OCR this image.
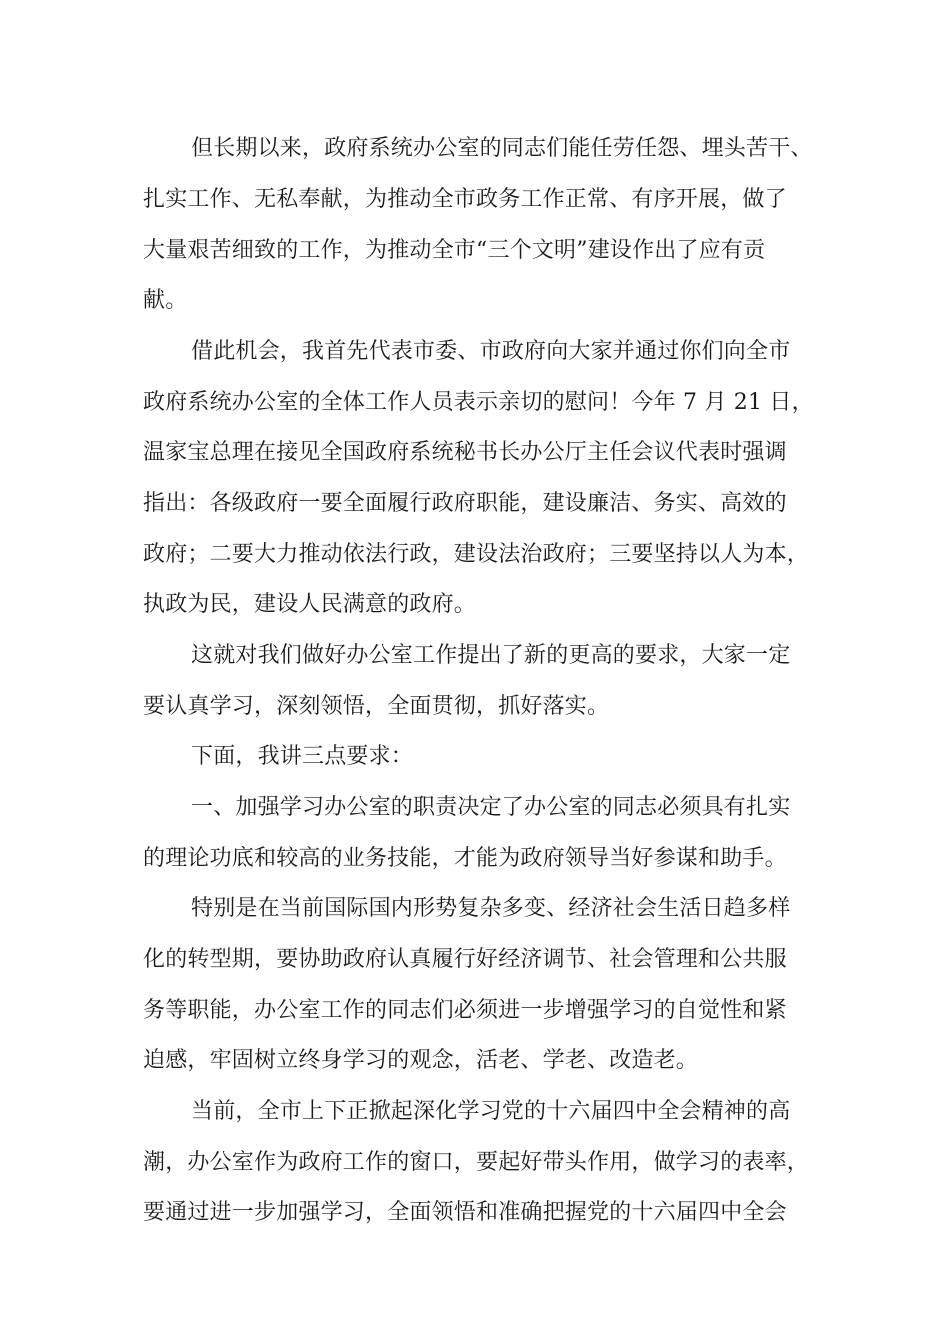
但长期以来，政府系统办公室的同志们能任劳任怨、埋头苦干、
扎实工作、无私奉献，为推动全市政务工作正常、有序开展，做了
大量艰苦细致的工作，为推动全市“三个文明”建设作出了应有贡
献。
借此机会，我首先代表市委、市政府向大家并通过你们向全市
政府系统办公室的全体工作人员表示亲切的慰问！今年 7 月 21 日，
温家宝总理在接见全国政府系统秘书长办公厅主任会议代表时强调
指出：各级政府一要全面履行政府职能，建设廉洁、务实、高效的
政府；二要大力推动依法行政，建设法治政府；三要坚持以人为本，
执政为民，建设人民满意的政府。
这就对我们做好办公室工作提出了新的更高的要求，大家一定
要认真学习，深刻领悟，全面贯彻，抓好落实。
下面，我讲三点要求：
一、加强学习办公室的职责决定了办公室的同志必须具有扎实
的理论功底和较高的业务技能，才能为政府领导当好参谋和助手。
特别是在当前国际国内形势复杂多变、经济社会生活日趋多样
化的转型期，要协助政府认真履行好经济调节、社会管理和公共服
务等职能，办公室工作的同志们必须进一步增强学习的自觉性和紧
迫感，牢固树立终身学习的观念，活老、学老、改造老。
当前，全市上下正掀起深化学习党的十六届四中全会精神的高
潮，办公室作为政府工作的窗口，要起好带头作用，做学习的表率，
要通过进一步加强学习，全面领悟和准确把握党的十六届四中全会
